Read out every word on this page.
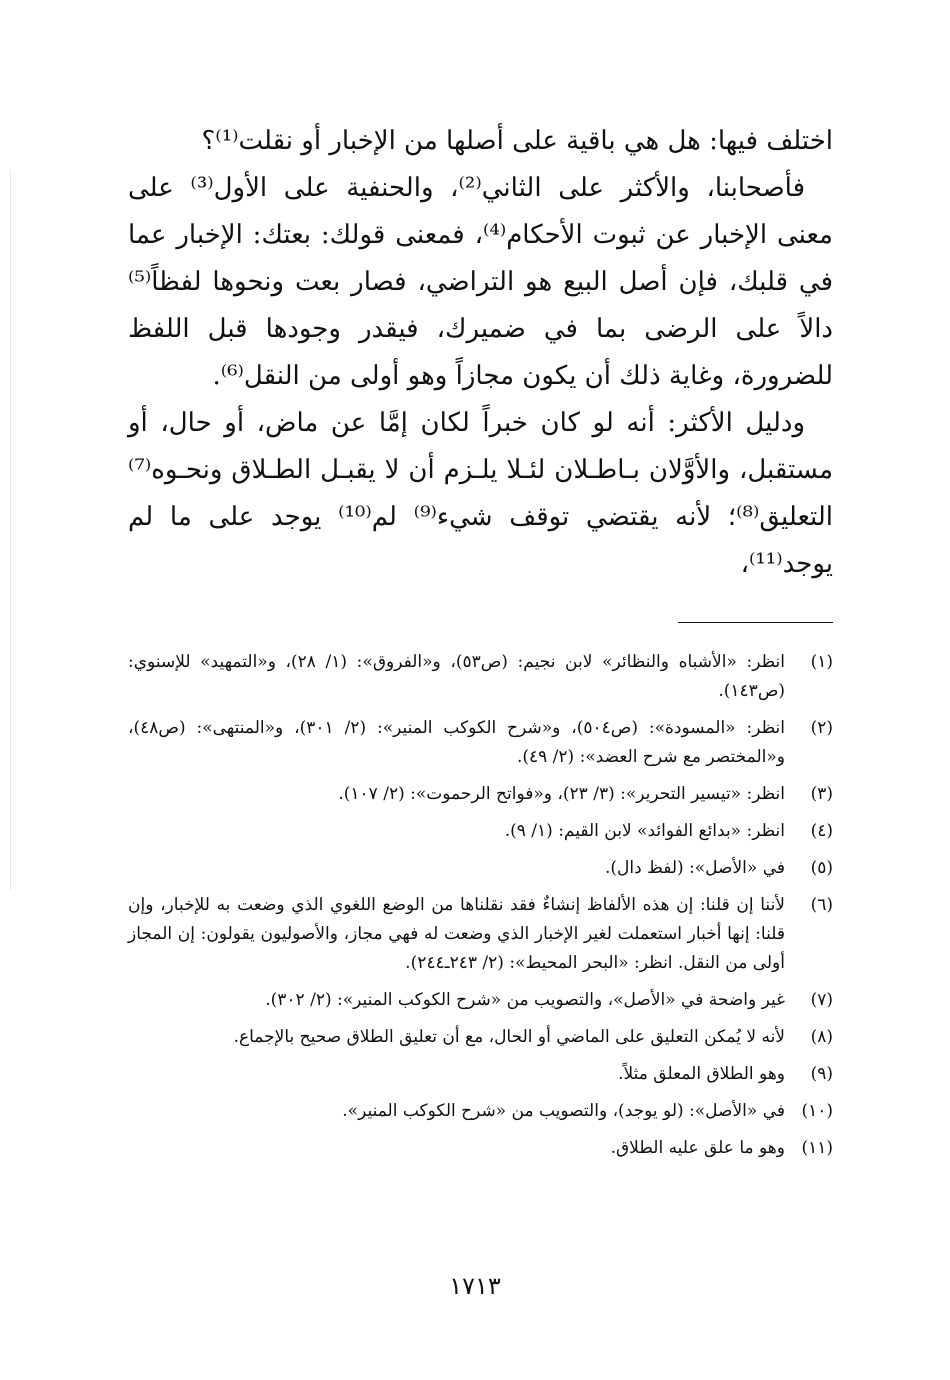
اختلف فيها: هل هي باقية على أصلها من الإخبار أو نقلت⁽¹⁾؟

فأصحابنا، والأكثر على الثاني⁽²⁾، والحنفية على الأول⁽³⁾ على معنى الإخبار عن ثبوت الأحكام⁽⁴⁾، فمعنى قولك: بعتك: الإخبار عما في قلبك، فإن أصل البيع هو التراضي، فصار بعت ونحوها لفظاً⁽⁵⁾ دالاً على الرضى بما في ضميرك، فيقدر وجودها قبل اللفظ للضرورة، وغاية ذلك أن يكون مجازاً وهو أولى من النقل⁽⁶⁾.

ودليل الأكثر: أنه لو كان خبراً لكان إمَّا عن ماض، أو حال، أو مستقبل، والأوَّلان بـاطـلان لئـلا يلـزم أن لا يقبـل الطـلاق ونحـوه⁽⁷⁾ التعليق⁽⁸⁾؛ لأنه يقتضي توقف شيء⁽⁹⁾ لم⁽¹⁰⁾ يوجد على ما لم يوجد⁽¹¹⁾،

(١)
انظر: «الأشباه والنظائر» لابن نجيم: (ص٥٣)، و«الفروق»: (١/ ٢٨)، و«التمهيد» للإسنوي: (ص١٤٣).
(٢)
انظر: «المسودة»: (ص٥٠٤)، و«شرح الكوكب المنير»: (٢/ ٣٠١)، و«المنتهى»: (ص٤٨)، و«المختصر مع شرح العضد»: (٢/ ٤٩).
(٣)
انظر: «تيسير التحرير»: (٣/ ٢٣)، و«فواتح الرحموت»: (٢/ ١٠٧).
(٤)
انظر: «بدائع الفوائد» لابن القيم: (١/ ٩).
(٥)
في «الأصل»: (لفظ دال).
(٦)
لأننا إن قلنا: إن هذه الألفاظ إنشاءٌ فقد نقلناها من الوضع اللغوي الذي وضعت به للإخبار، وإن قلنا: إنها أخبار استعملت لغير الإخبار الذي وضعت له فهي مجاز، والأصوليون يقولون: إن المجاز أولى من النقل. انظر: «البحر المحيط»: (٢/ ٢٤٣ـ٢٤٤).
(٧)
غير واضحة في «الأصل»، والتصويب من «شرح الكوكب المنير»: (٢/ ٣٠٢).
(٨)
لأنه لا يُمكن التعليق على الماضي أو الحال، مع أن تعليق الطلاق صحيح بالإجماع.
(٩)
وهو الطلاق المعلق مثلاً.
(١٠)
في «الأصل»: (لو يوجد)، والتصويب من «شرح الكوكب المنير».
(١١)
وهو ما علق عليه الطلاق.
١٧١٣
